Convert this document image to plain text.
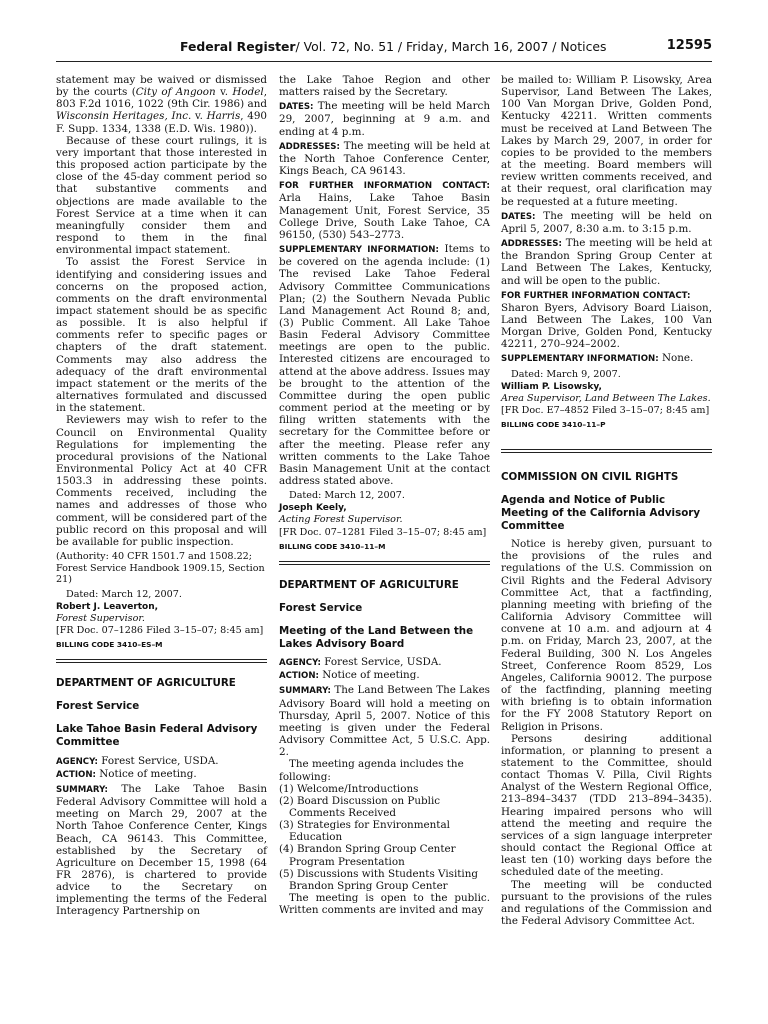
Federal Register/ Vol. 72, No. 51 / Friday, March 16, 2007 / Notices	12595

statement may be waived or dismissed by the courts (City of Angoon v. Hodel, 803 F.2d 1016, 1022 (9th Cir. 1986) and Wisconsin Heritages, Inc. v. Harris, 490 F. Supp. 1334, 1338 (E.D. Wis. 1980)).

Because of these court rulings, it is very important that those interested in this proposed action participate by the close of the 45-day comment period so that substantive comments and objections are made available to the Forest Service at a time when it can meaningfully consider them and respond to them in the final environmental impact statement.

To assist the Forest Service in identifying and considering issues and concerns on the proposed action, comments on the draft environmental impact statement should be as specific as possible. It is also helpful if comments refer to specific pages or chapters of the draft statement. Comments may also address the adequacy of the draft environmental impact statement or the merits of the alternatives formulated and discussed in the statement.

Reviewers may wish to refer to the Council on Environmental Quality Regulations for implementing the procedural provisions of the National Environmental Policy Act at 40 CFR 1503.3 in addressing these points. Comments received, including the names and addresses of those who comment, will be considered part of the public record on this proposal and will be available for public inspection.

(Authority: 40 CFR 1501.7 and 1508.22; Forest Service Handbook 1909.15, Section 21)

Dated: March 12, 2007.

Robert J. Leaverton,

Forest Supervisor.

[FR Doc. 07–1286 Filed 3–15–07; 8:45 am]

BILLING CODE 3410–ES–M

DEPARTMENT OF AGRICULTURE

Forest Service

Lake Tahoe Basin Federal Advisory Committee

AGENCY: Forest Service, USDA.

ACTION: Notice of meeting.

SUMMARY: The Lake Tahoe Basin Federal Advisory Committee will hold a meeting on March 29, 2007 at the North Tahoe Conference Center, Kings Beach, CA 96143. This Committee, established by the Secretary of Agriculture on December 15, 1998 (64 FR 2876), is chartered to provide advice to the Secretary on implementing the terms of the Federal Interagency Partnership on

the Lake Tahoe Region and other matters raised by the Secretary.

DATES: The meeting will be held March 29, 2007, beginning at 9 a.m. and ending at 4 p.m.

ADDRESSES: The meeting will be held at the North Tahoe Conference Center, Kings Beach, CA 96143.

FOR FURTHER INFORMATION CONTACT: Arla Hains, Lake Tahoe Basin Management Unit, Forest Service, 35 College Drive, South Lake Tahoe, CA 96150, (530) 543–2773.

SUPPLEMENTARY INFORMATION: Items to be covered on the agenda include: (1) The revised Lake Tahoe Federal Advisory Committee Communications Plan; (2) the Southern Nevada Public Land Management Act Round 8; and, (3) Public Comment. All Lake Tahoe Basin Federal Advisory Committee meetings are open to the public. Interested citizens are encouraged to attend at the above address. Issues may be brought to the attention of the Committee during the open public comment period at the meeting or by filing written statements with the secretary for the Committee before or after the meeting. Please refer any written comments to the Lake Tahoe Basin Management Unit at the contact address stated above.

Dated: March 12, 2007.

Joseph Keely,

Acting Forest Supervisor.

[FR Doc. 07–1281 Filed 3–15–07; 8:45 am]

BILLING CODE 3410–11–M

DEPARTMENT OF AGRICULTURE

Forest Service

Meeting of the Land Between the Lakes Advisory Board

AGENCY: Forest Service, USDA.

ACTION: Notice of meeting.

SUMMARY: The Land Between The Lakes Advisory Board will hold a meeting on Thursday, April 5, 2007. Notice of this meeting is given under the Federal Advisory Committee Act, 5 U.S.C. App. 2.

The meeting agenda includes the following:

(1) Welcome/Introductions

(2) Board Discussion on Public Comments Received

(3) Strategies for Environmental Education

(4) Brandon Spring Group Center Program Presentation

(5) Discussions with Students Visiting Brandon Spring Group Center

The meeting is open to the public. Written comments are invited and may

be mailed to: William P. Lisowsky, Area Supervisor, Land Between The Lakes, 100 Van Morgan Drive, Golden Pond, Kentucky 42211. Written comments must be received at Land Between The Lakes by March 29, 2007, in order for copies to be provided to the members at the meeting. Board members will review written comments received, and at their request, oral clarification may be requested at a future meeting.

DATES: The meeting will be held on April 5, 2007, 8:30 a.m. to 3:15 p.m.

ADDRESSES: The meeting will be held at the Brandon Spring Group Center at Land Between The Lakes, Kentucky, and will be open to the public.

FOR FURTHER INFORMATION CONTACT:

Sharon Byers, Advisory Board Liaison, Land Between The Lakes, 100 Van Morgan Drive, Golden Pond, Kentucky 42211, 270–924–2002.

SUPPLEMENTARY INFORMATION: None.

Dated: March 9, 2007.

William P. Lisowsky,

Area Supervisor, Land Between The Lakes.

[FR Doc. E7–4852 Filed 3–15–07; 8:45 am]

BILLING CODE 3410–11–P

COMMISSION ON CIVIL RIGHTS

Agenda and Notice of Public Meeting of the California Advisory Committee

Notice is hereby given, pursuant to the provisions of the rules and regulations of the U.S. Commission on Civil Rights and the Federal Advisory Committee Act, that a factfinding, planning meeting with briefing of the California Advisory Committee will convene at 10 a.m. and adjourn at 4 p.m. on Friday, March 23, 2007, at the Federal Building, 300 N. Los Angeles Street, Conference Room 8529, Los Angeles, California 90012. The purpose of the factfinding, planning meeting with briefing is to obtain information for the FY 2008 Statutory Report on Religion in Prisons.

Persons desiring additional information, or planning to present a statement to the Committee, should contact Thomas V. Pilla, Civil Rights Analyst of the Western Regional Office, 213–894–3437 (TDD 213–894–3435). Hearing impaired persons who will attend the meeting and require the services of a sign language interpreter should contact the Regional Office at least ten (10) working days before the scheduled date of the meeting.

The meeting will be conducted pursuant to the provisions of the rules and regulations of the Commission and the Federal Advisory Committee Act.
